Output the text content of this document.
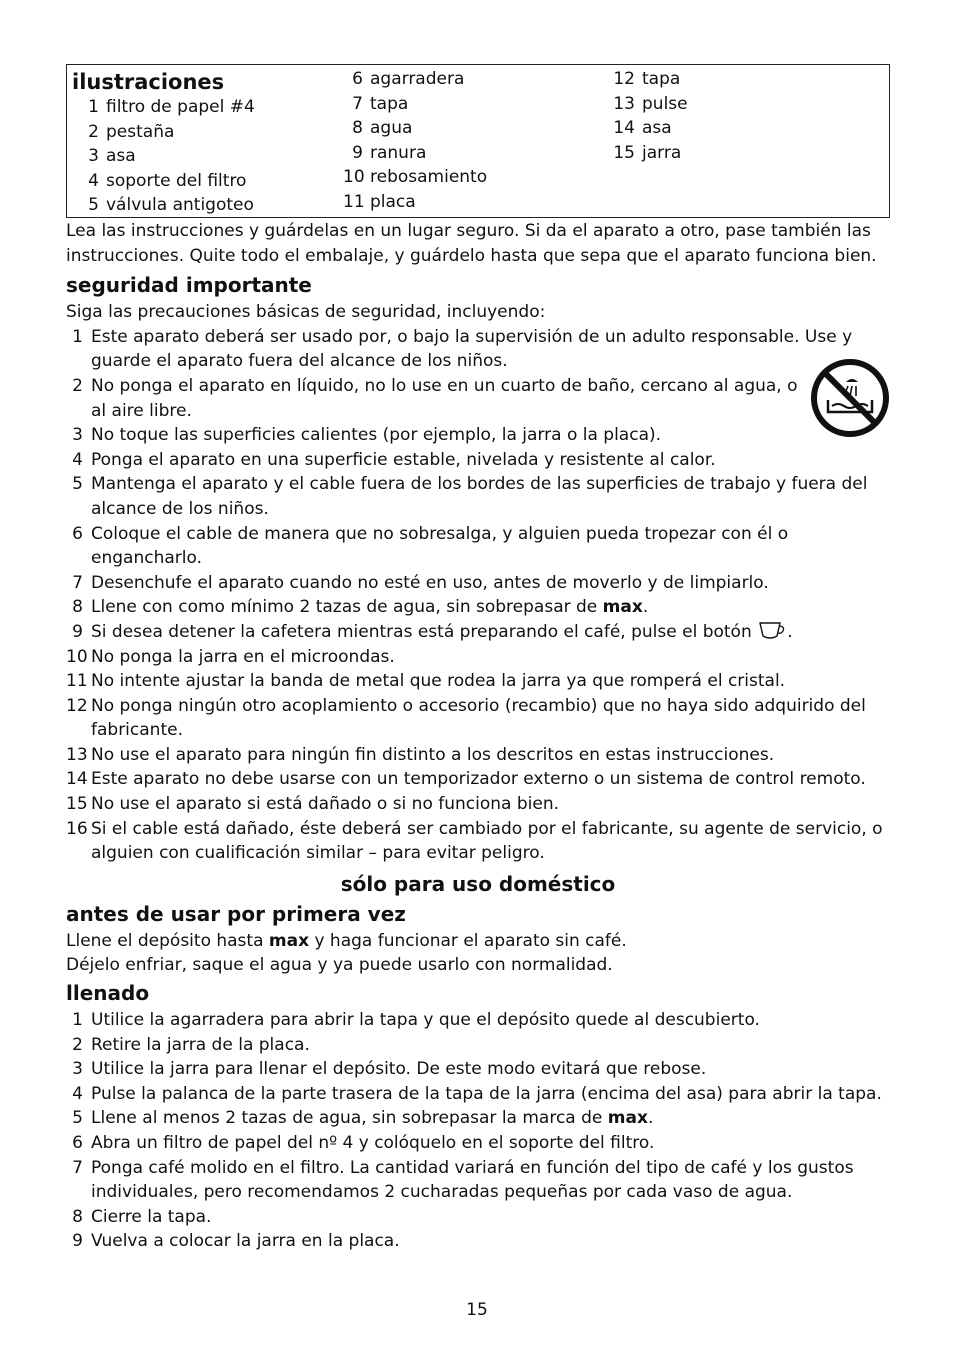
ilustraciones
1 filtro de papel #4
2 pestaña
3 asa
4 soporte del filtro
5 válvula antigoteo
6 agarradera
7 tapa
8 agua
9 ranura
10 rebosamiento
11 placa
12 tapa
13 pulse
14 asa
15 jarra

Lea las instrucciones y guárdelas en un lugar seguro. Si da el aparato a otro, pase también las instrucciones. Quite todo el embalaje, y guárdelo hasta que sepa que el aparato funciona bien.

seguridad importante

Siga las precauciones básicas de seguridad, incluyendo:

1 Este aparato deberá ser usado por, o bajo la supervisión de un adulto responsable. Use y guarde el aparato fuera del alcance de los niños.
2 No ponga el aparato en líquido, no lo use en un cuarto de baño, cercano al agua, o al aire libre.
3 No toque las superficies calientes (por ejemplo, la jarra o la placa).
4 Ponga el aparato en una superficie estable, nivelada y resistente al calor.
5 Mantenga el aparato y el cable fuera de los bordes de las superficies de trabajo y fuera del alcance de los niños.
6 Coloque el cable de manera que no sobresalga, y alguien pueda tropezar con él o engancharlo.
7 Desenchufe el aparato cuando no esté en uso, antes de moverlo y de limpiarlo.
8 Llene con como mínimo 2 tazas de agua, sin sobrepasar de max.
9 Si desea detener la cafetera mientras está preparando el café, pulse el botón .
10 No ponga la jarra en el microondas.
11 No intente ajustar la banda de metal que rodea la jarra ya que romperá el cristal.
12 No ponga ningún otro acoplamiento o accesorio (recambio) que no haya sido adquirido del fabricante.
13 No use el aparato para ningún fin distinto a los descritos en estas instrucciones.
14 Este aparato no debe usarse con un temporizador externo o un sistema de control remoto.
15 No use el aparato si está dañado o si no funciona bien.
16 Si el cable está dañado, éste deberá ser cambiado por el fabricante, su agente de servicio, o alguien con cualificación similar – para evitar peligro.
sólo para uso doméstico
antes de usar por primera vez

Llene el depósito hasta max y haga funcionar el aparato sin café.

Déjelo enfriar, saque el agua y ya puede usarlo con normalidad.

llenado
1 Utilice la agarradera para abrir la tapa y que el depósito quede al descubierto.
2 Retire la jarra de la placa.
3 Utilice la jarra para llenar el depósito. De este modo evitará que rebose.
4 Pulse la palanca de la parte trasera de la tapa de la jarra (encima del asa) para abrir la tapa.
5 Llene al menos 2 tazas de agua, sin sobrepasar la marca de max.
6 Abra un filtro de papel del nº 4 y colóquelo en el soporte del filtro.
7 Ponga café molido en el filtro. La cantidad variará en función del tipo de café y los gustos individuales, pero recomendamos 2 cucharadas pequeñas por cada vaso de agua.
8 Cierre la tapa.
9 Vuelva a colocar la jarra en la placa.
15
